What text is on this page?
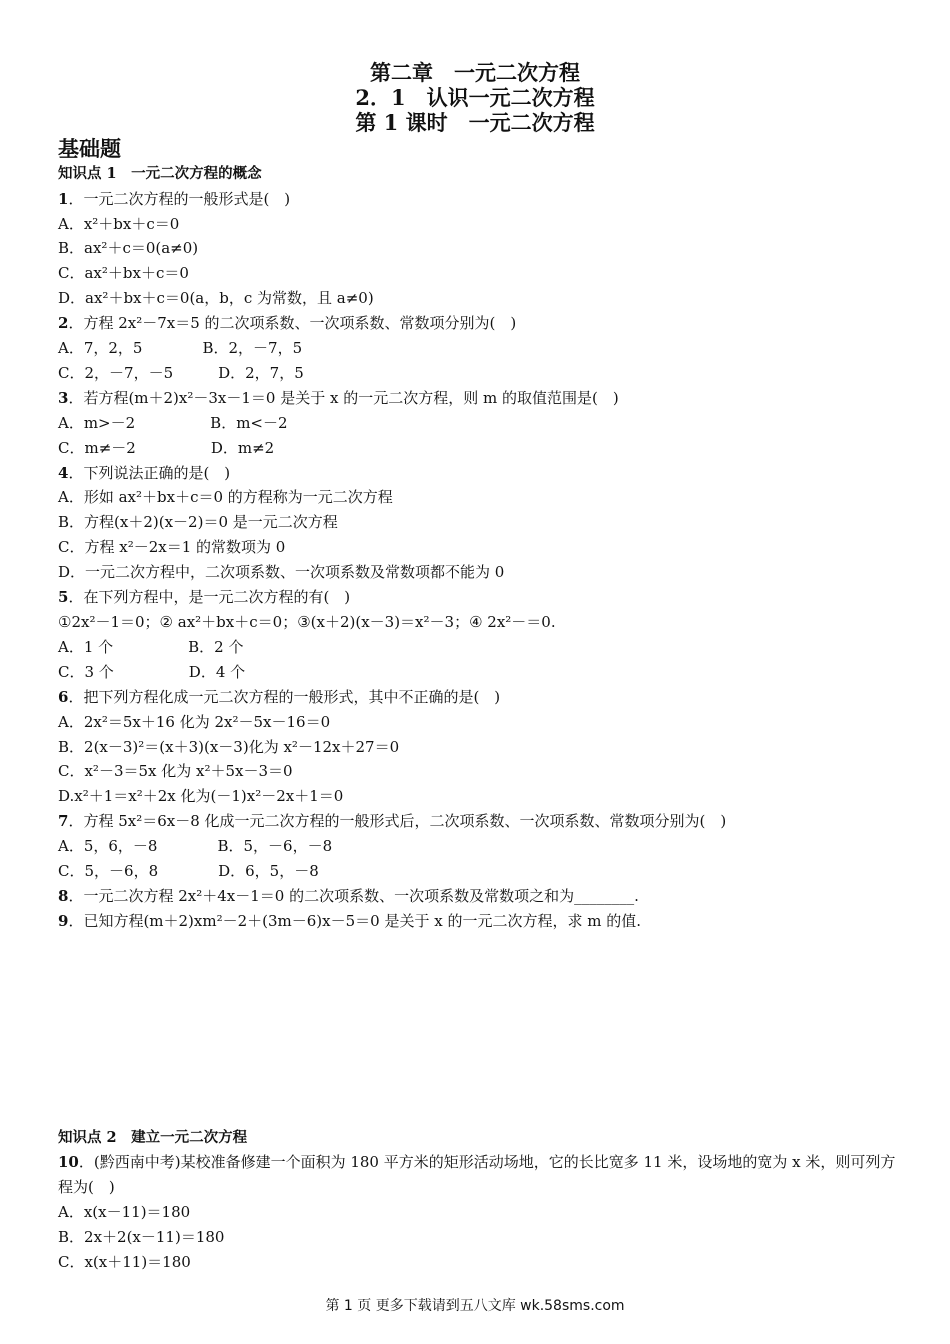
第二章　一元二次方程
2．1　认识一元二次方程
第 1 课时　一元二次方程
基础题
知识点 1　一元二次方程的概念
1．一元二次方程的一般形式是(　)
A．x²＋bx＋c＝0
B．ax²＋c＝0(a≠0)
C．ax²＋bx＋c＝0
D．ax²＋bx＋c＝0(a，b，c 为常数，且 a≠0)
2．方程 2x²－7x＝5 的二次项系数、一次项系数、常数项分别为(　)
A．7，2，5　　　　B．2，－7，5
C．2，－7，－5　　　D．2，7，5
3．若方程(m＋2)x²－3x－1＝0 是关于 x 的一元二次方程，则 m 的取值范围是(　)
A．m>－2　　　　　B．m<－2
C．m≠－2　　　　　D．m≠2
4．下列说法正确的是(　)
A．形如 ax²＋bx＋c＝0 的方程称为一元二次方程
B．方程(x＋2)(x－2)＝0 是一元二次方程
C．方程 x²－2x＝1 的常数项为 0
D．一元二次方程中，二次项系数、一次项系数及常数项都不能为 0
5．在下列方程中，是一元二次方程的有(　)
①2x²－1＝0；② ax²＋bx＋c＝0；③(x＋2)(x－3)＝x²－3；④ 2x²－＝0.
A．1 个　　　　　B．2 个
C．3 个　　　　　D．4 个
6．把下列方程化成一元二次方程的一般形式，其中不正确的是(　)
A．2x²＝5x＋16 化为 2x²－5x－16＝0
B．2(x－3)²＝(x＋3)(x－3)化为 x²－12x＋27＝0
C．x²－3＝5x 化为 x²＋5x－3＝0
D.x²＋1＝x²＋2x 化为(－1)x²－2x＋1＝0
7．方程 5x²＝6x－8 化成一元二次方程的一般形式后，二次项系数、一次项系数、常数项分别为(　)
A．5，6，－8　　　　B．5，－6，－8
C．5，－6，8　　　　D．6，5，－8
8．一元二次方程 2x²＋4x－1＝0 的二次项系数、一次项系数及常数项之和为________.
9．已知方程(m＋2)xm²－2＋(3m－6)x－5＝0 是关于 x 的一元二次方程，求 m 的值.
知识点 2　建立一元二次方程
10．(黔西南中考)某校准备修建一个面积为 180 平方米的矩形活动场地，它的长比宽多 11 米，设场地的宽为 x 米，则可列方程为(　)
A．x(x－11)＝180
B．2x＋2(x－11)＝180
C．x(x＋11)＝180
第 1 页 更多下载请到五八文库 wk.58sms.com
